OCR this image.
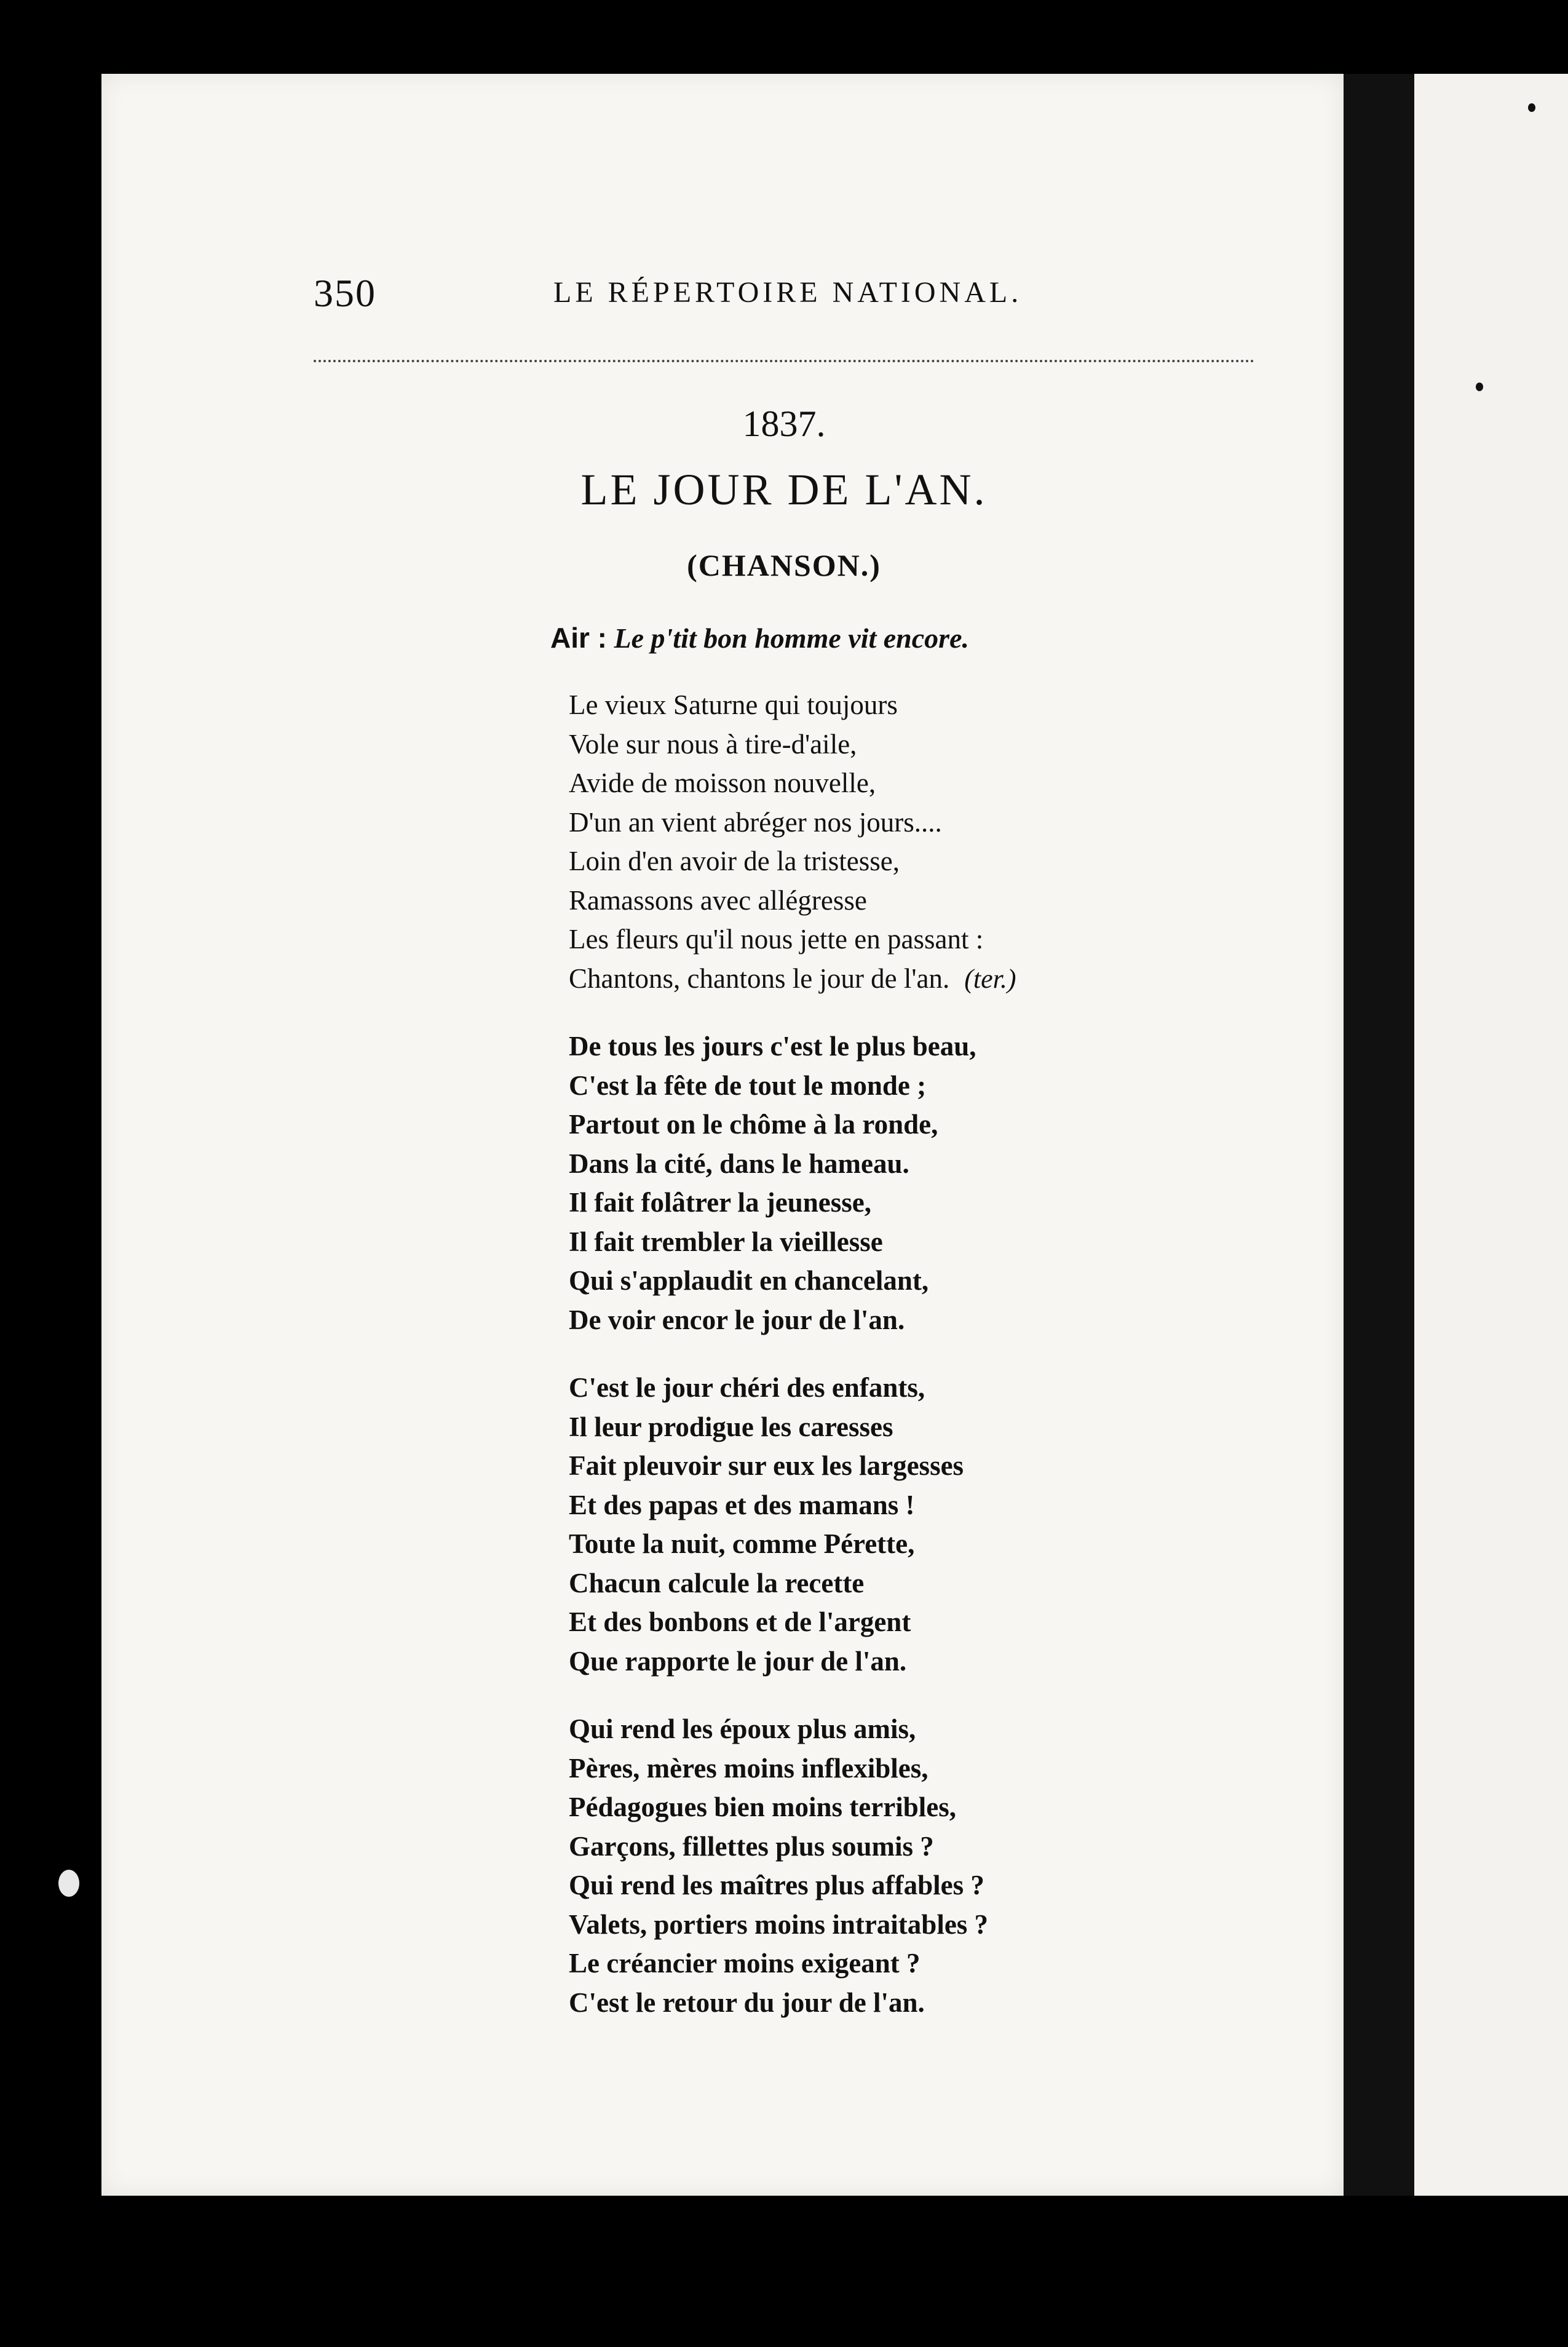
350	LE RÉPERTOIRE NATIONAL.
1837.
LE JOUR DE L'AN.
(CHANSON.)
Air : Le p'tit bon homme vit encore.
Le vieux Saturne qui toujours
Vole sur nous à tire-d'aile,
Avide de moisson nouvelle,
D'un an vient abréger nos jours....
Loin d'en avoir de la tristesse,
Ramassons avec allégresse
Les fleurs qu'il nous jette en passant :
Chantons, chantons le jour de l'an. (ter.)
De tous les jours c'est le plus beau,
C'est la fête de tout le monde ;
Partout on le chôme à la ronde,
Dans la cité, dans le hameau.
Il fait folâtrer la jeunesse,
Il fait trembler la vieillesse
Qui s'applaudit en chancelant,
De voir encor le jour de l'an.
C'est le jour chéri des enfants,
Il leur prodigue les caresses
Fait pleuvoir sur eux les largesses
Et des papas et des mamans !
Toute la nuit, comme Pérette,
Chacun calcule la recette
Et des bonbons et de l'argent
Que rapporte le jour de l'an.
Qui rend les époux plus amis,
Pères, mères moins inflexibles,
Pédagogues bien moins terribles,
Garçons, fillettes plus soumis ?
Qui rend les maîtres plus affables ?
Valets, portiers moins intraitables ?
Le créancier moins exigeant ?
C'est le retour du jour de l'an.
